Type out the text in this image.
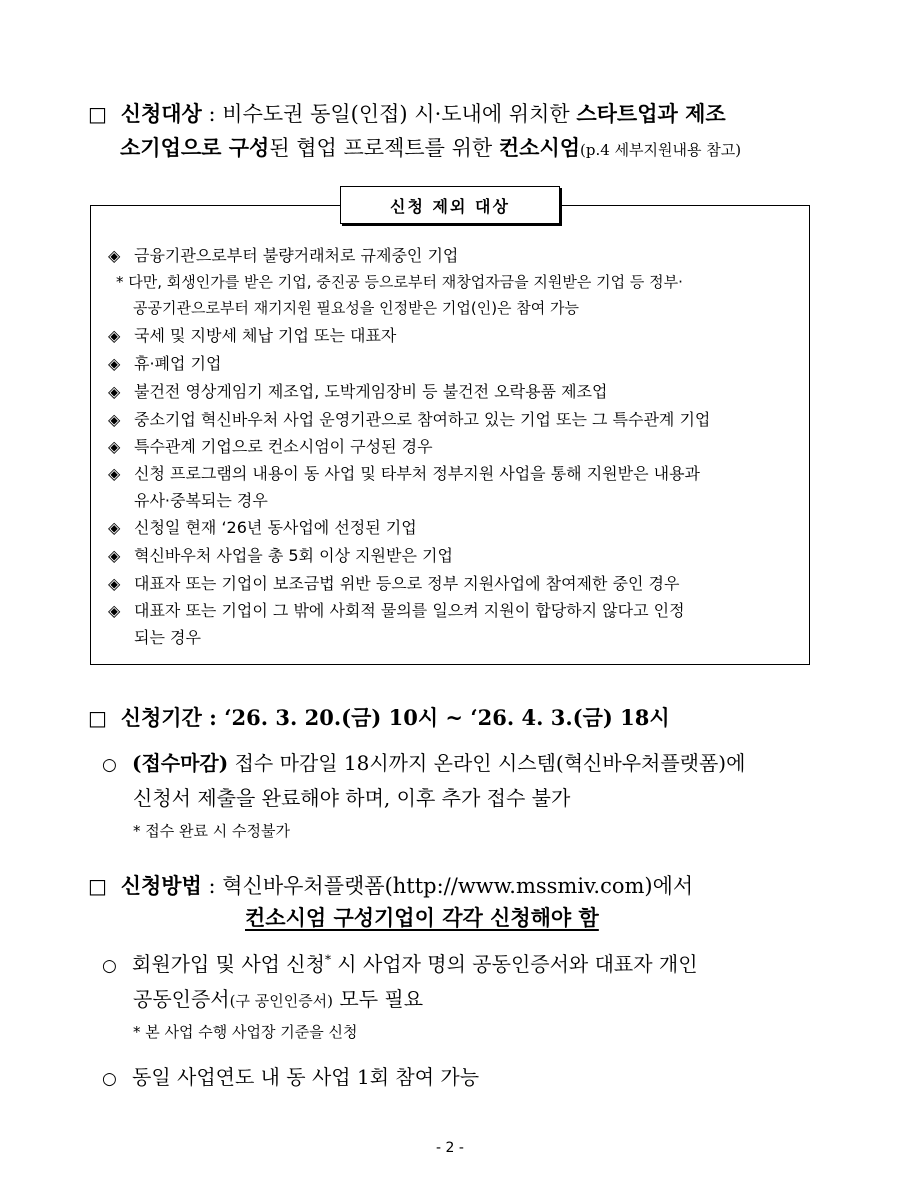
□ 신청대상 : 비수도권 동일(인접) 시·도내에 위치한 스타트업과 제조
소기업으로 구성된 협업 프로젝트를 위한 컨소시엄(p.4 세부지원내용 참고)
신청 제외 대상
◈ 금융기관으로부터 불량거래처로 규제중인 기업
* 다만, 회생인가를 받은 기업, 중진공 등으로부터 재창업자금을 지원받은 기업 등 정부·
공공기관으로부터 재기지원 필요성을 인정받은 기업(인)은 참여 가능
◈ 국세 및 지방세 체납 기업 또는 대표자
◈ 휴·폐업 기업
◈ 불건전 영상게임기 제조업, 도박게임장비 등 불건전 오락용품 제조업
◈ 중소기업 혁신바우처 사업 운영기관으로 참여하고 있는 기업 또는 그 특수관계 기업
◈ 특수관계 기업으로 컨소시엄이 구성된 경우
◈ 신청 프로그램의 내용이 동 사업 및 타부처 정부지원 사업을 통해 지원받은 내용과
유사·중복되는 경우
◈ 신청일 현재 ‘26년 동사업에 선정된 기업
◈ 혁신바우처 사업을 총 5회 이상 지원받은 기업
◈ 대표자 또는 기업이 보조금법 위반 등으로 정부 지원사업에 참여제한 중인 경우
◈ 대표자 또는 기업이 그 밖에 사회적 물의를 일으켜 지원이 합당하지 않다고 인정
되는 경우
□ 신청기간 : ‘26. 3. 20.(금) 10시 ~ ‘26. 4. 3.(금) 18시
○ (접수마감) 접수 마감일 18시까지 온라인 시스템(혁신바우처플랫폼)에
신청서 제출을 완료해야 하며, 이후 추가 접수 불가
* 접수 완료 시 수정불가
□ 신청방법 : 혁신바우처플랫폼(http://www.mssmiv.com)에서
컨소시엄 구성기업이 각각 신청해야 함
○ 회원가입 및 사업 신청* 시 사업자 명의 공동인증서와 대표자 개인
공동인증서(구 공인인증서) 모두 필요
* 본 사업 수행 사업장 기준을 신청
○ 동일 사업연도 내 동 사업 1회 참여 가능
- 2 -
